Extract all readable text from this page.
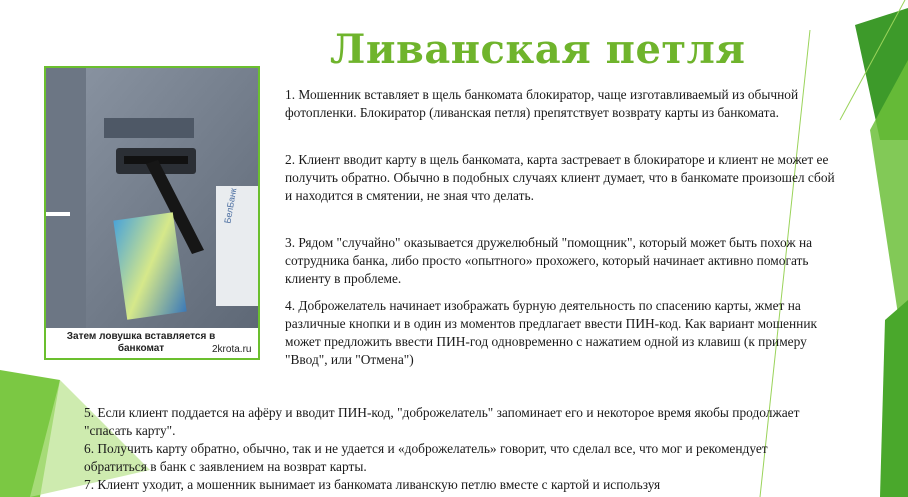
Ливанская петля
БелБанк
Затем ловушка вставляется в банкомат	2krota.ru

1. Мошенник вставляет в щель банкомата блокиратор, чаще изготавливаемый из обычной фотопленки. Блокиратор (ливанская петля) препятствует возврату карты из банкомата.

2. Клиент вводит карту в щель банкомата, карта застревает в блокираторе и клиент не может ее получить обратно. Обычно в подобных случаях клиент думает, что в банкомате произошел сбой и находится в смятении, не зная что делать.

3. Рядом "случайно" оказывается дружелюбный "помощник", который может быть похож на сотрудника банка, либо просто «опытного» прохожего, который начинает активно помогать клиенту в проблеме.

4. Доброжелатель начинает изображать бурную деятельность по спасению карты, жмет на различные кнопки и в один из моментов предлагает ввести ПИН-код. Как вариант мошенник может предложить ввести ПИН-год одновременно с нажатием одной из клавиш (к примеру "Ввод", или "Отмена")

5. Если клиент поддается на афёру и вводит ПИН-код, "доброжелатель" запоминает его и некоторое время якобы продолжает "спасать карту".

6. Получить карту обратно, обычно, так и не удается и «доброжелатель» говорит, что сделал все, что мог и рекомендует обратиться в банк с заявлением на возврат карты.

7. Клиент уходит, а мошенник вынимает из банкомата ливанскую петлю вместе с картой и используя
